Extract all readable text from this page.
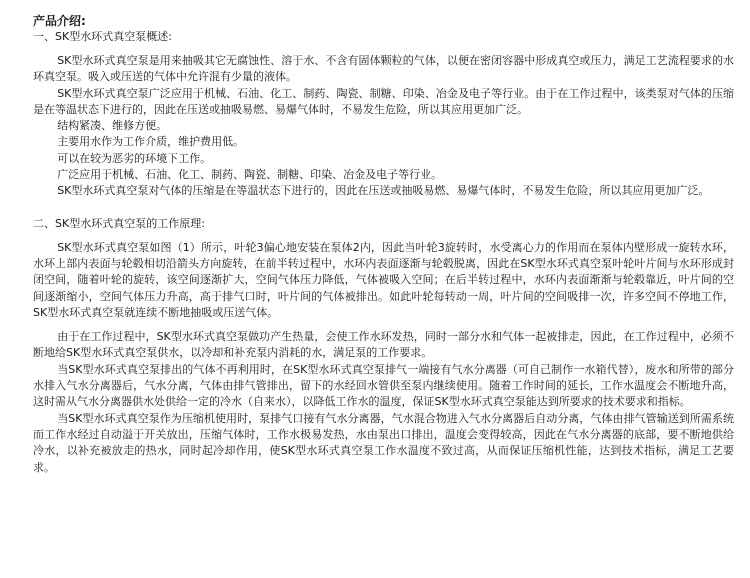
产品介绍:

一、SK型水环式真空泵概述:

SK型水环式真空泵是用来抽吸其它无腐蚀性、溶于水、不含有固体颗粒的气体，以便在密闭容器中形成真空或压力，满足工艺流程要求的水环真空泵。吸入或压送的气体中允许混有少量的液体。

SK型水环式真空泵广泛应用于机械、石油、化工、制药、陶瓷、制糖、印染、冶金及电子等行业。由于在工作过程中，该类泵对气体的压缩是在等温状态下进行的，因此在压送或抽吸易燃、易爆气体时，不易发生危险，所以其应用更加广泛。

结构紧凑、维修方便。

主要用水作为工作介质，维护费用低。

可以在较为恶劣的环境下工作。

广泛应用于机械、石油、化工、制药、陶瓷、制糖、印染、冶金及电子等行业。

SK型水环式真空泵对气体的压缩是在等温状态下进行的，因此在压送或抽吸易燃、易爆气体时，不易发生危险，所以其应用更加广泛。

二、SK型水环式真空泵的工作原理:

SK型水环式真空泵如图（1）所示，叶轮3偏心地安装在泵体2内，因此当叶轮3旋转时，水受离心力的作用而在泵体内壁形成一旋转水环，水环上部内表面与轮毂相切沿箭头方向旋转，在前半转过程中，水环内表面逐渐与轮毂脱离，因此在SK型水环式真空泵叶轮叶片间与水环形成封闭空间，随着叶轮的旋转，该空间逐渐扩大，空间气体压力降低，气体被吸入空间；在后半转过程中，水环内表面渐渐与轮毂靠近，叶片间的空间逐渐缩小，空间气体压力升高，高于排气口时，叶片间的气体被排出。如此叶轮每转动一周，叶片间的空间吸排一次，许多空间不停地工作，SK型水环式真空泵就连续不断地抽吸或压送气体。

由于在工作过程中，SK型水环式真空泵做功产生热量，会使工作水环发热，同时一部分水和气体一起被排走，因此，在工作过程中，必须不断地给SK型水环式真空泵供水，以冷却和补充泵内消耗的水，满足泵的工作要求。

当SK型水环式真空泵排出的气体不再利用时，在SK型水环式真空泵排气一端接有气水分离器（可自己制作一水箱代替），废水和所带的部分水排入气水分离器后，气水分离，气体由排气管排出，留下的水经回水管供至泵内继续使用。随着工作时间的延长，工作水温度会不断地升高，这时需从气水分离器供水处供给一定的冷水（自来水），以降低工作水的温度，保证SK型水环式真空泵能达到所要求的技术要求和指标。

当SK型水环式真空泵作为压缩机使用时，泵排气口接有气水分离器，气水混合物进入气水分离器后自动分离，气体由排气管输送到所需系统而工作水经过自动溢于开关放出，压缩气体时，工作水极易发热，水由泵出口排出，温度会变得较高，因此在气水分离器的底部，要不断地供给冷水，以补充被放走的热水，同时起冷却作用，使SK型水环式真空泵工作水温度不致过高，从而保证压缩机性能，达到技术指标，满足工艺要求。
